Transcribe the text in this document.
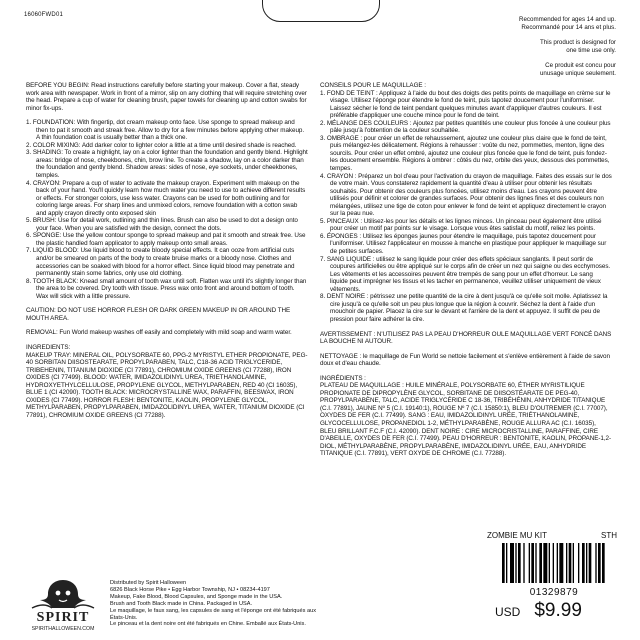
16060FWD01
Recommended for ages 14 and up.
Recommandé pour 14 ans et plus.
This product is designed for
one time use only.
Ce produit est concu pour
unusage unique seulement.

BEFORE YOU BEGIN: Read instructions carefully before starting your makeup. Cover a flat, steady work area with newspaper. Work in front of a mirror, slip on any clothing that will require stretching over the head. Prepare a cup of water for cleaning brush, paper towels for cleaning up and cotton swabs for minor fix-ups.

1. FOUNDATION: With fingertip, dot cream makeup onto face. Use sponge to spread makeup and then to pat it smooth and streak free. Allow to dry for a few minutes before applying other makeup. A thin foundation coat is usually better than a thick one.
2. COLOR MIXING: Add darker color to lighter color a little at a time until desired shade is reached.
3. SHADING: To create a highlight, lay on a color lighter than the foundation and gently blend. Highlight areas: bridge of nose, cheekbones, chin, brow line. To create a shadow, lay on a color darker than the foundation and gently blend. Shadow areas: sides of nose, eye sockets, under cheekbones, temples.
4. CRAYON: Prepare a cup of water to activate the makeup crayon. Experiment with makeup on the back of your hand. You'll quickly learn how much water you need to use to achieve different results or effects. For stronger colors, use less water. Crayons can be used for both outlining and for coloring large areas. For sharp lines and unmixed colors, remove foundation with a cotton swab and apply crayon directly onto exposed skin
5. BRUSH: Use for detail work, outlining and thin lines. Brush can also be used to dot a design onto your face. When you are satisfied with the design, connect the dots.
6. SPONGE: Use the yellow contour sponge to spread makeup and pat it smooth and streak free. Use the plastic handled foam applicator to apply makeup onto small areas.
7. LIQUID BLOOD: Use liquid blood to create bloody special effects. It can ooze from artificial cuts and/or be smeared on parts of the body to create bruise marks or a bloody nose. Clothes and accessories can be soaked with blood for a horror effect. Since liquid blood may penetrate and permanently stain some fabrics, only use old clothing.
8. TOOTH BLACK: Knead small amount of tooth wax until soft. Flatten wax until it's slightly longer than the area to be covered. Dry tooth with tissue. Press wax onto front and around bottom of tooth. Wax will stick with a little pressure.

CAUTION: DO NOT USE HORROR FLESH OR DARK GREEN MAKEUP IN OR AROUND THE MOUTH AREA.

REMOVAL: Fun World makeup washes off easily and completely with mild soap and warm water.

INGREDIENTS:

MAKEUP TRAY: MINERAL OIL, POLYSORBATE 60, PPG-2 MYRISTYL ETHER PROPIONATE, PEG-40 SORBITAN DIISOSTEARATE, PROPYLPARABEN, TALC, C18-36 ACID TRIGLYCERIDE, TRIBEHENIN, TITANIUM DIOXIDE (CI 77891), CHROMIUM OXIDE GREENS (CI 77288), IRON OXIDES (CI 77499). BLOOD: WATER, IMIDAZOLIDINYL UREA, TRIETHANOLAMINE, HYDROXYETHYLCELLULOSE, PROPYLENE GLYCOL, METHYLPARABEN, RED 40 (CI 16035), BLUE 1 (CI 42090). TOOTH BLACK: MICROCRYSTALLINE WAX, PARAFFIN, BEESWAX, IRON OXIDES (CI 77499). HORROR FLESH: BENTONITE, KAOLIN, PROPYLENE GLYCOL, METHYLPARABEN, PROPYLPARABEN, IMIDAZOLIDINYL UREA, WATER, TITANIUM DIOXIDE (CI 77891), CHROMIUM OXIDE GREENS (CI 77288).

CONSEILS POUR LE MAQUILLAGE :
1. FOND DE TEINT : Appliquez à l'aide du bout des doigts des petits points de maquillage en crème sur le visage. Utilisez l'éponge pour étendre le fond de teint, puis tapotez doucement pour l'uniformiser. Laissez sécher le fond de teint pendant quelques minutes avant d'appliquer d'autres couleurs. Il est préférable d'appliquer une couche mince pour le fond de teint.
2. MÉLANGE DES COULEURS : Ajoutez par petites quantités une couleur plus foncée à une couleur plus pâle jusqu'à l'obtention de la couleur souhaitée.
3. OMBRAGE : pour créer un effet de rehaussement, ajoutez une couleur plus claire que le fond de teint, puis mélangez-les délicatement. Régions à rehausser : voûte du nez, pommettes, menton, ligne des sourcils. Pour créer un effet ombré, ajoutez une couleur plus foncée que le fond de teint, puis fondez-les doucement ensemble. Régions à ombrer : côtés du nez, orbite des yeux, dessous des pommettes, tempes.
4. CRAYON : Préparez un bol d'eau pour l'activation du crayon de maquillage. Faites des essais sur le dos de votre main. Vous constaterez rapidement la quantité d'eau à utiliser pour obtenir les résultats souhaités. Pour obtenir des couleurs plus foncées, utilisez moins d'eau. Les crayons peuvent être utilisés pour définir et colorer de grandes surfaces. Pour obtenir des lignes fines et des couleurs non mélangées, utilisez une tige de coton pour enlever le fond de teint et appliquez directement le crayon sur la peau nue.
5. PINCEAUX : Utilisez-les pour les détails et les lignes minces. Un pinceau peut également être utilisé pour créer un motif par points sur le visage. Lorsque vous êtes satisfait du motif, reliez les points.
6. ÉPONGES : Utilisez les éponges jaunes pour étendre le maquillage, puis tapotez doucement pour l'uniformiser. Utilisez l'applicateur en mousse à manche en plastique pour appliquer le maquillage sur de petites surfaces.
7. SANG LIQUIDE : utilisez le sang liquide pour créer des effets spéciaux sanglants. Il peut sortir de coupures artificielles ou être appliqué sur le corps afin de créer un nez qui saigne ou des ecchymoses. Les vêtements et les accessoires peuvent être trempés de sang pour un effet d'horreur. Le sang liquide peut imprégner les tissus et les tacher en permanence, veuillez utiliser uniquement de vieux vêtements.
8. DENT NOIRE : pétrissez une petite quantité de la cire à dent jusqu'à ce qu'elle soit molle. Aplatissez la cire jusqu'à ce qu'elle soit un peu plus longue que la région à couvrir. Séchez la dent à l'aide d'un mouchoir de papier. Placez la cire sur le devant et l'arrière de la dent et appuyez. Il suffit de peu de pression pour faire adhérer la cire.

AVERTISSEMENT : N'UTILISEZ PAS LA PEAU D'HORREUR OULE MAQUILLAGE VERT FONCÉ DANS LA BOUCHE NI AUTOUR.

NETTOYAGE : le maquillage de Fun World se nettoie facilement et s'enlève entièrement à l'aide de savon doux et d'eau chaude.

INGRÉDIENTS :

PLATEAU DE MAQUILLAGE : HUILE MINÉRALE, POLYSORBATE 60, ÉTHER MYRISTILIQUE PROPIONATE DE DIPROPYLÈNE GLYCOL, SORBITANE DE DIISOSTÉARATE DE PEG-40, PROPYLPARABÈNE, TALC, ACIDE TRIGLYCÉRIDE C 18-36, TRIBÉHÉNIN, ANHYDRIDE TITANIQUE (C.I. 77891), JAUNE Nº 5 (C.I. 19140:1), ROUGE Nº 7 (C.I. 15850:1), BLEU D'OUTREMER (C.I. 77007), OXYDES DE FER (C.I. 77499). SANG : EAU, IMIDAZOLIDINYL URÉE, TRIÉTHANOLAMINE, GLYCOCELLULOSE, PROPANEDIOL 1-2, MÉTHYLPARABÈNE, ROUGE ALLURA AC (C.I. 16035), BLEU BRILLANT F.C.F (C.I. 42090). DENT NOIRE : CIRE MICROCRISTALLINE, PARAFFINE, CIRE D'ABEILLE, OXYDES DE FER (C.I. 77499). PEAU D'HORREUR : BENTONITE, KAOLIN, PROPANE-1,2-DIOL, MÉTHYLPARABÈNE, PROPYLPARABÈNE, IMIDAZOLIDINYL URÉE, EAU, ANHYDRIDE TITANIQUE (C.I. 77891), VERT OXYDE DE CHROME (C.I. 77288).

SPIRIT
SPIRITHALLOWEEN.COM
Distributed by Spirit Halloween
6826 Black Horse Pike • Egg Harbor Township, NJ • 08234-4197
Makeup, Fake Blood, Blood Capsules, and Sponge made in the USA.
Brush and Tooth Black made in China. Packaged in USA.
Le maquillage, le faux sang, les capsules de sang et l'éponge ont été fabriqués aux États-Unis.
Le pinceau et la dent noire ont été fabriqués en Chine. Emballé aux États-Unis.
ZOMBIE MU KIT	STH
01329879
USD $9.99
